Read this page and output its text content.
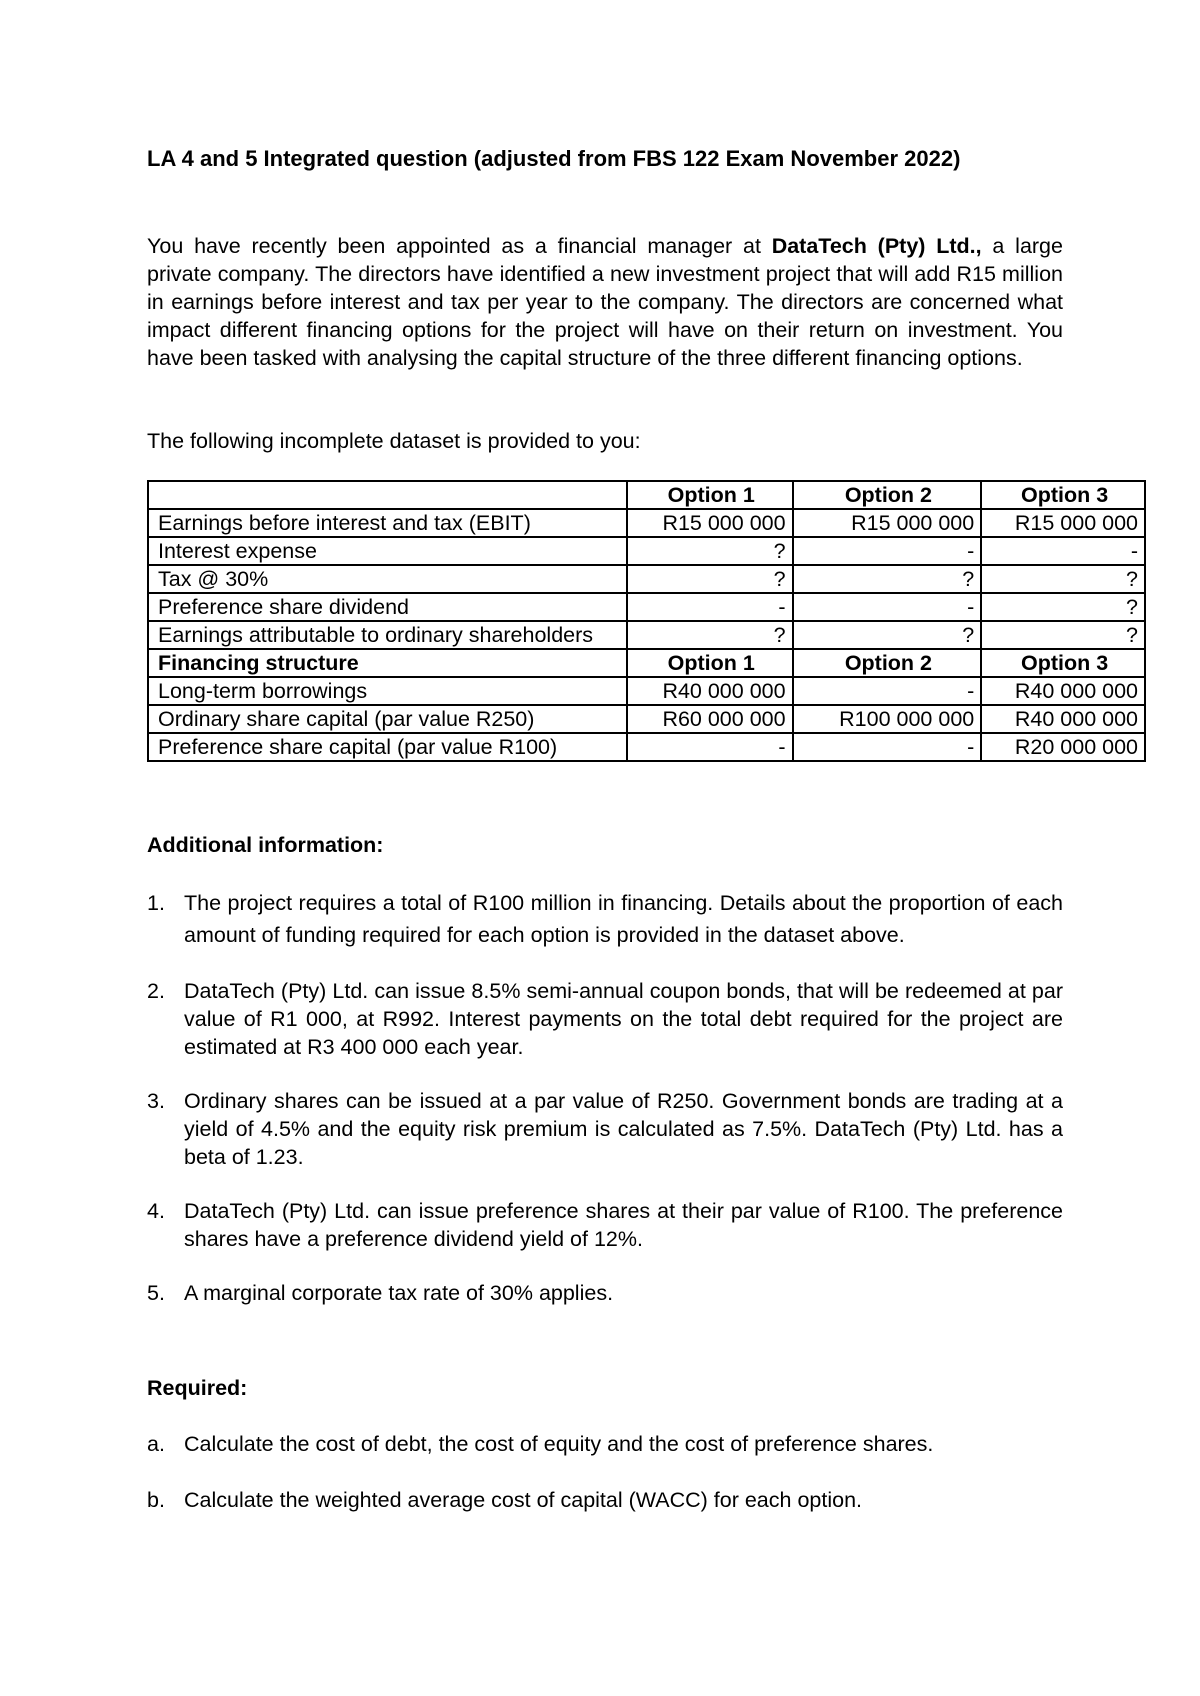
LA 4 and 5 Integrated question (adjusted from FBS 122 Exam November 2022)

You have recently been appointed as a financial manager at DataTech (Pty) Ltd., a large private company. The directors have identified a new investment project that will add R15 million in earnings before interest and tax per year to the company. The directors are concerned what impact different financing options for the project will have on their return on investment. You have been tasked with analysing the capital structure of the three different financing options.

The following incomplete dataset is provided to you:

	Option 1	Option 2	Option 3
Earnings before interest and tax (EBIT)	R15 000 000	R15 000 000	R15 000 000
Interest expense	?	-	-
Tax @ 30%	?	?	?
Preference share dividend	-	-	?
Earnings attributable to ordinary shareholders	?	?	?
Financing structure	Option 1	Option 2	Option 3
Long-term borrowings	R40 000 000	-	R40 000 000
Ordinary share capital (par value R250)	R60 000 000	R100 000 000	R40 000 000
Preference share capital (par value R100)	-	-	R20 000 000

Additional information:

1. The project requires a total of R100 million in financing. Details about the proportion of each amount of funding required for each option is provided in the dataset above.
2. DataTech (Pty) Ltd. can issue 8.5% semi-annual coupon bonds, that will be redeemed at par value of R1 000, at R992. Interest payments on the total debt required for the project are estimated at R3 400 000 each year.
3. Ordinary shares can be issued at a par value of R250. Government bonds are trading at a yield of 4.5% and the equity risk premium is calculated as 7.5%. DataTech (Pty) Ltd. has a beta of 1.23.
4. DataTech (Pty) Ltd. can issue preference shares at their par value of R100. The preference shares have a preference dividend yield of 12%.
5. A marginal corporate tax rate of 30% applies.

Required:

a. Calculate the cost of debt, the cost of equity and the cost of preference shares.
b. Calculate the weighted average cost of capital (WACC) for each option.
